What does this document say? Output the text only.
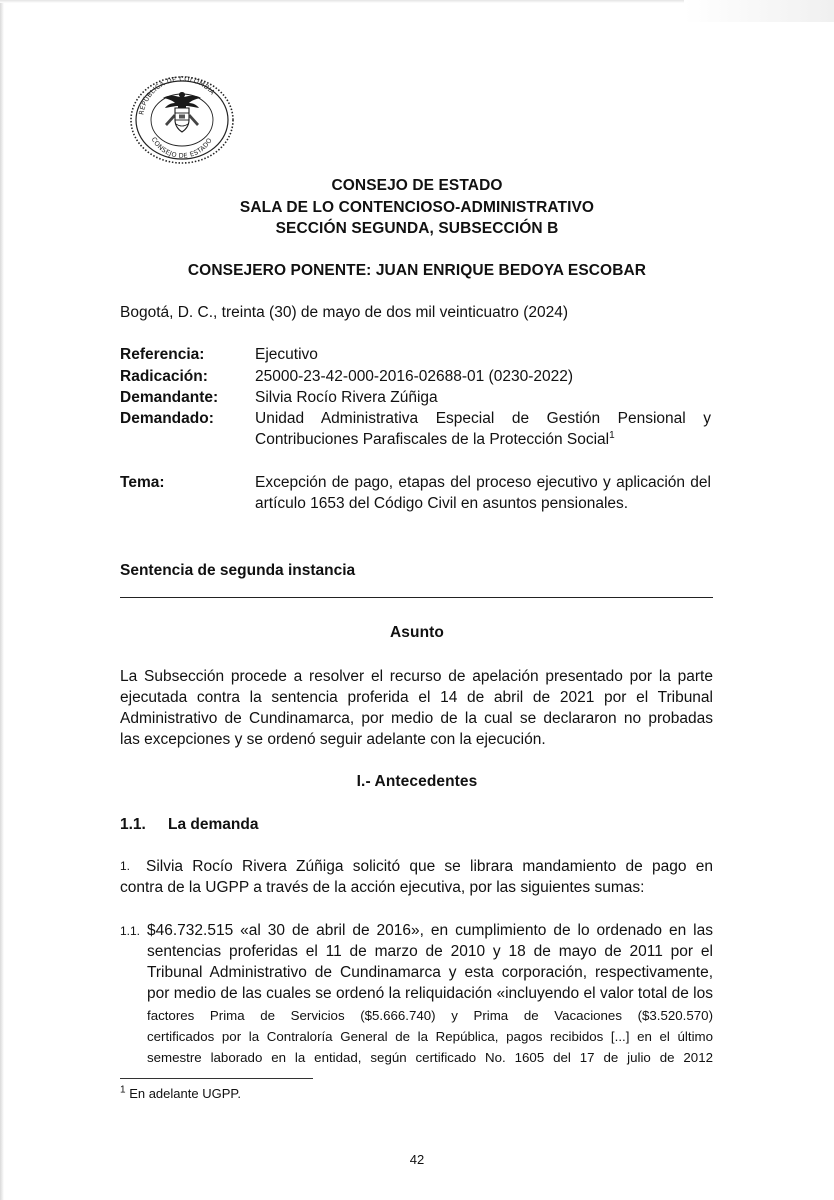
REPÚBLICA DE COLOMBIA
CONSEJO DE ESTADO
CONSEJO DE ESTADO
SALA DE LO CONTENCIOSO-ADMINISTRATIVO
SECCIÓN SEGUNDA, SUBSECCIÓN B
CONSEJERO PONENTE: JUAN ENRIQUE BEDOYA ESCOBAR
Bogotá, D. C., treinta (30) de mayo de dos mil veinticuatro (2024)
Referencia:	Ejecutivo
Radicación:	25000-23-42-000-2016-02688-01 (0230-2022)
Demandante: Silvia Rocío Rivera Zúñiga
Demandado:	Unidad Administrativa Especial de Gestión Pensional y
Contribuciones Parafiscales de la Protección Social$^1$
Tema:	Excepción de pago, etapas del proceso ejecutivo y aplicación del
artículo 1653 del Código Civil en asuntos pensionales.
Sentencia de segunda instancia
Asunto
La Subsección procede a resolver el recurso de apelación presentado por la parte
ejecutada contra la sentencia proferida el 14 de abril de 2021 por el Tribunal
Administrativo de Cundinamarca, por medio de la cual se declararon no probadas
las excepciones y se ordenó seguir adelante con la ejecución.
I.- Antecedentes
1.1. La demanda
1. Silvia Rocío Rivera Zúñiga solicitó que se librara mandamiento de pago en
contra de la UGPP a través de la acción ejecutiva, por las siguientes sumas:
1.1. $46.732.515 «al 30 de abril de 2016», en cumplimiento de lo ordenado en las
sentencias proferidas el 11 de marzo de 2010 y 18 de mayo de 2011 por el
Tribunal Administrativo de Cundinamarca y esta corporación, respectivamente,
por medio de las cuales se ordenó la reliquidación «incluyendo el valor total de los
factores Prima de Servicios ($5.666.740) y Prima de Vacaciones ($3.520.570)
certificados por la Contraloría General de la República, pagos recibidos [...] en el último
semestre laborado en la entidad, según certificado No. 1605 del 17 de julio de 2012
$^1$ En adelante UGPP.
42
